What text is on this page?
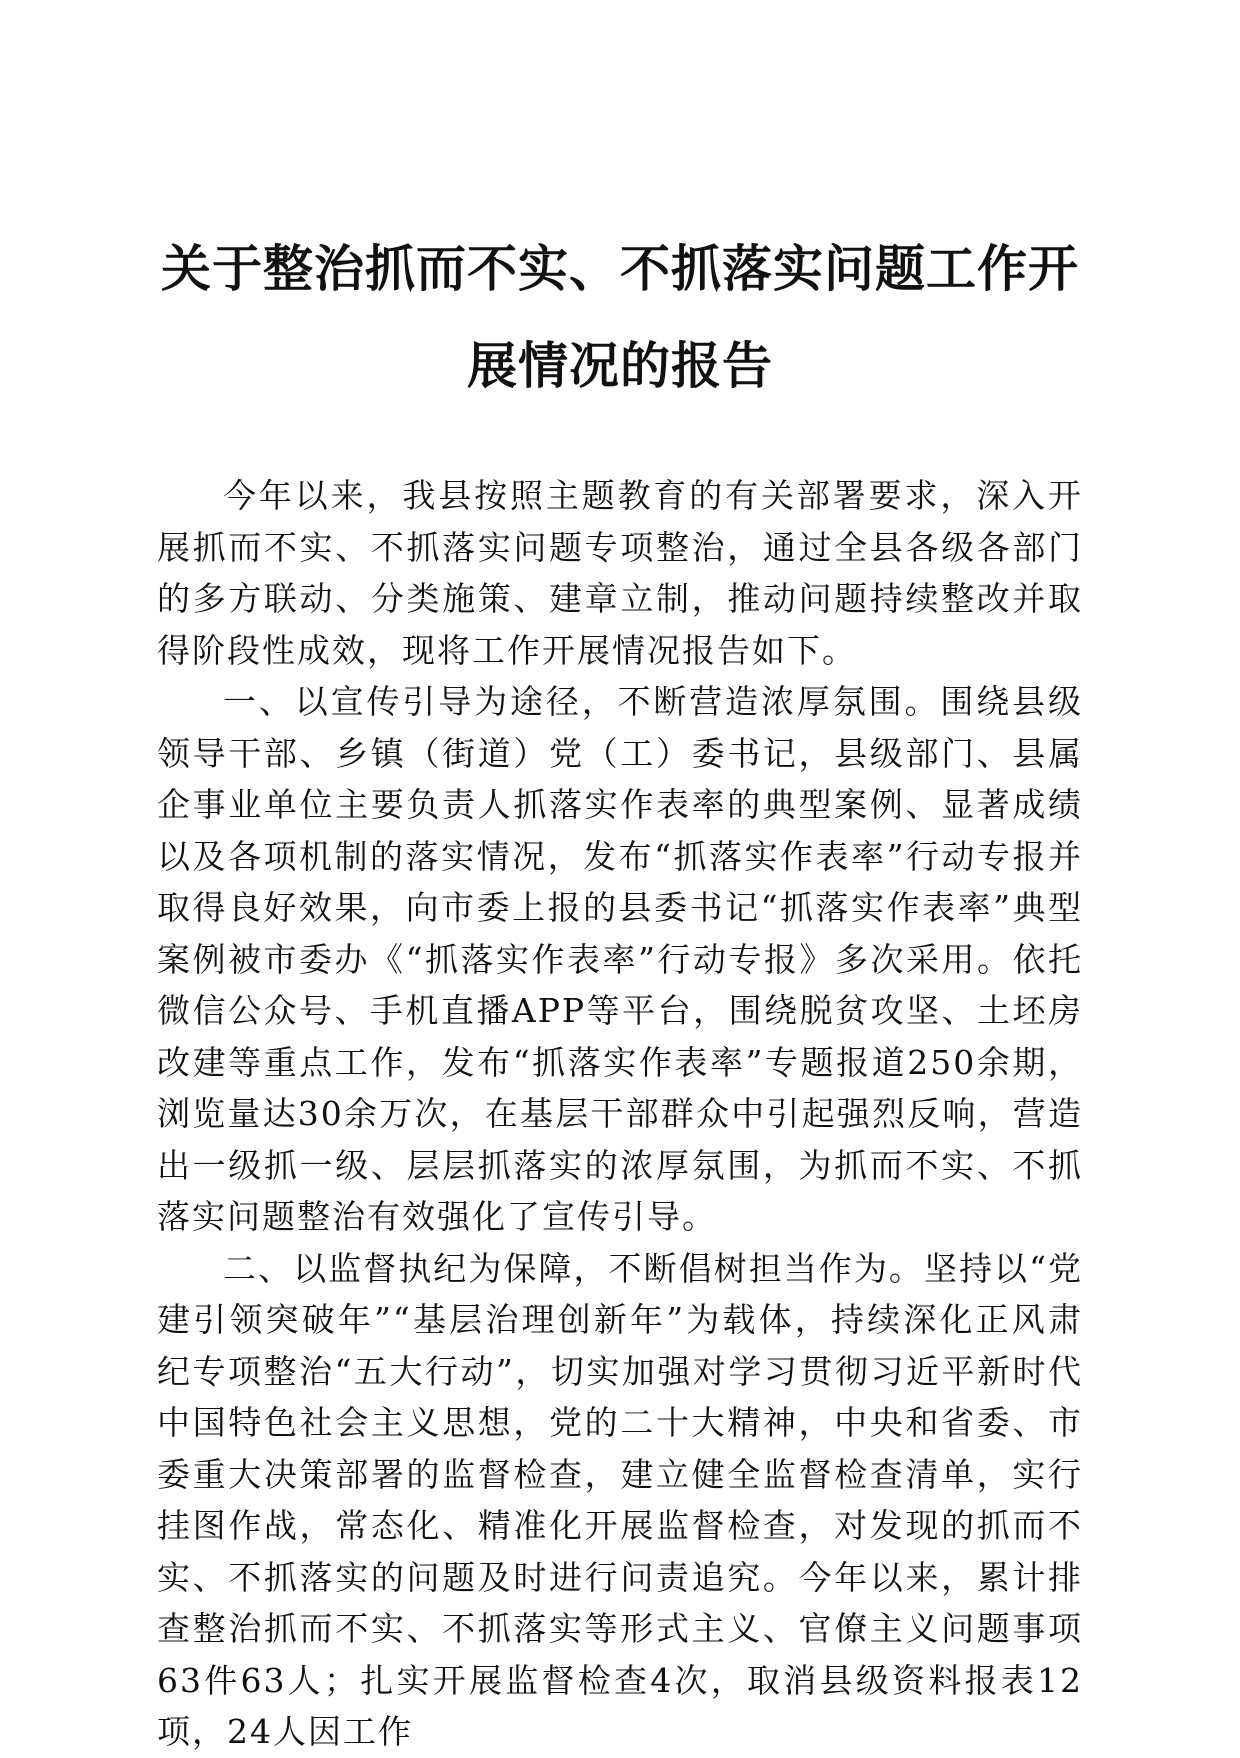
关于整治抓而不实、不抓落实问题工作开展情况的报告

今年以来，我县按照主题教育的有关部署要求，深入开展抓而不实、不抓落实问题专项整治，通过全县各级各部门的多方联动、分类施策、建章立制，推动问题持续整改并取得阶段性成效，现将工作开展情况报告如下。

一、以宣传引导为途径，不断营造浓厚氛围。围绕县级领导干部、乡镇（街道）党（工）委书记，县级部门、县属企事业单位主要负责人抓落实作表率的典型案例、显著成绩以及各项机制的落实情况，发布“抓落实作表率”行动专报并取得良好效果，向市委上报的县委书记“抓落实作表率”典型案例被市委办《“抓落实作表率”行动专报》多次采用。依托微信公众号、手机直播APP等平台，围绕脱贫攻坚、土坯房改建等重点工作，发布“抓落实作表率”专题报道250余期，浏览量达30余万次，在基层干部群众中引起强烈反响，营造出一级抓一级、层层抓落实的浓厚氛围，为抓而不实、不抓落实问题整治有效强化了宣传引导。

二、以监督执纪为保障，不断倡树担当作为。坚持以“党建引领突破年”“基层治理创新年”为载体，持续深化正风肃纪专项整治“五大行动”，切实加强对学习贯彻习近平新时代中国特色社会主义思想，党的二十大精神，中央和省委、市委重大决策部署的监督检查，建立健全监督检查清单，实行挂图作战，常态化、精准化开展监督检查，对发现的抓而不实、不抓落实的问题及时进行问责追究。今年以来，累计排查整治抓而不实、不抓落实等形式主义、官僚主义问题事项63件63人；扎实开展监督检查4次，取消县级资料报表12项，24人因工作
